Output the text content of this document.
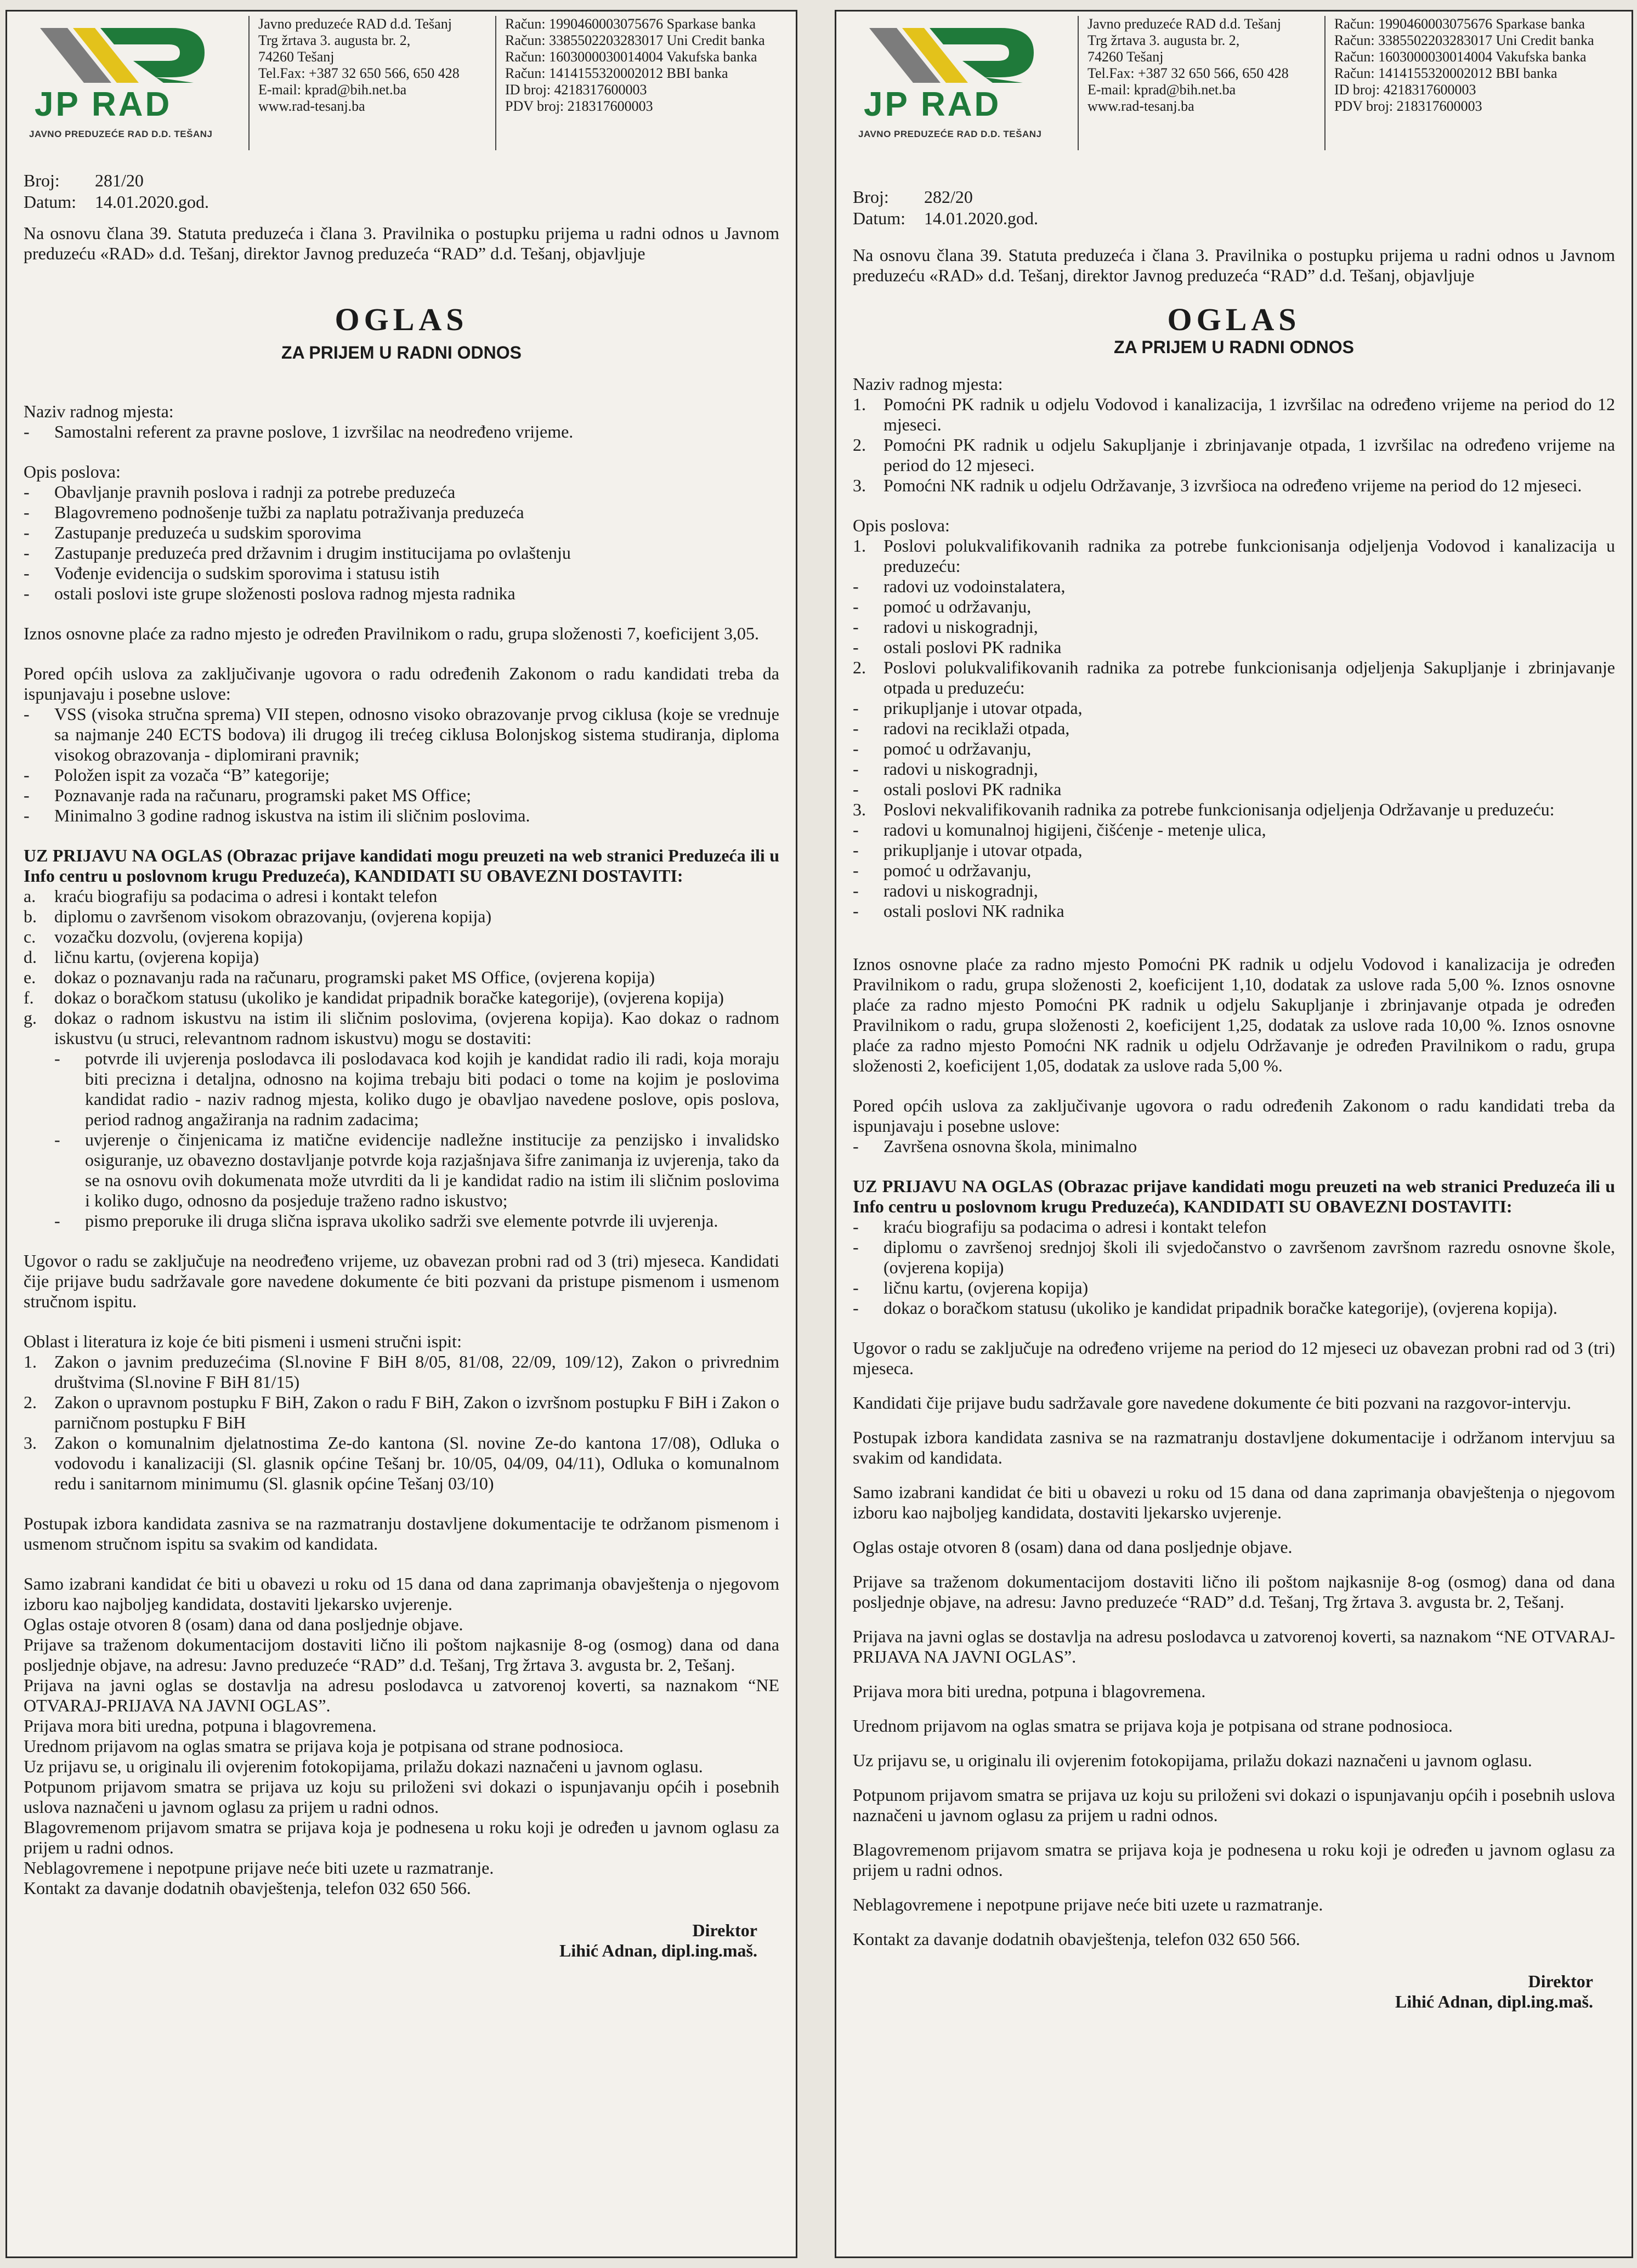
JP RAD
JAVNO PREDUZEĆE RAD D.D. TEŠANJ
Javno preduzeće RAD d.d. Tešanj
Trg žrtava 3. augusta br. 2,
74260 Tešanj
Tel.Fax: +387 32 650 566, 650 428
E-mail: kprad@bih.net.ba
www.rad-tesanj.ba
Račun: 1990460003075676 Sparkase banka
Račun: 3385502203283017 Uni Credit banka
Račun: 1603000030014004 Vakufska banka
Račun: 1414155320002012 BBI banka
ID broj: 4218317600003
PDV broj: 218317600003
Broj:	281/20
Datum:	14.01.2020.god.

Na osnovu člana 39. Statuta preduzeća i člana 3. Pravilnika o postupku prijema u radni odnos u Javnom preduzeću «RAD» d.d. Tešanj, direktor Javnog preduzeća “RAD” d.d. Tešanj, objavljuje

OGLAS
ZA PRIJEM U RADNI ODNOS

Naziv radnog mjesta:

- Samostalni referent za pravne poslove, 1 izvršilac na neodređeno vrijeme.

Opis poslova:

- Obavljanje pravnih poslova i radnji za potrebe preduzeća
- Blagovremeno podnošenje tužbi za naplatu potraživanja preduzeća
- Zastupanje preduzeća u sudskim sporovima
- Zastupanje preduzeća pred državnim i drugim institucijama po ovlaštenju
- Vođenje evidencija o sudskim sporovima i statusu istih
- ostali poslovi iste grupe složenosti poslova radnog mjesta radnika

Iznos osnovne plaće za radno mjesto je određen Pravilnikom o radu, grupa složenosti 7, koeficijent 3,05.

Pored općih uslova za zaključivanje ugovora o radu određenih Zakonom o radu kandidati treba da ispunjavaju i posebne uslove:

- VSS (visoka stručna sprema) VII stepen, odnosno visoko obrazovanje prvog ciklusa (koje se vrednuje sa najmanje 240 ECTS bodova) ili drugog ili trećeg ciklusa Bolonjskog sistema studiranja, diploma visokog obrazovanja - diplomirani pravnik;
- Položen ispit za vozača “B” kategorije;
- Poznavanje rada na računaru, programski paket MS Office;
- Minimalno 3 godine radnog iskustva na istim ili sličnim poslovima.

UZ PRIJAVU NA OGLAS (Obrazac prijave kandidati mogu preuzeti na web stranici Preduzeća ili u Info centru u poslovnom krugu Preduzeća), KANDIDATI SU OBAVEZNI DOSTAVITI:

a. kraću biografiju sa podacima o adresi i kontakt telefon
b. diplomu o završenom visokom obrazovanju, (ovjerena kopija)
c. vozačku dozvolu, (ovjerena kopija)
d. ličnu kartu, (ovjerena kopija)
e. dokaz o poznavanju rada na računaru, programski paket MS Office, (ovjerena kopija)
f. dokaz o boračkom statusu (ukoliko je kandidat pripadnik boračke kategorije), (ovjerena kopija)
g. dokaz o radnom iskustvu na istim ili sličnim poslovima, (ovjerena kopija). Kao dokaz o radnom iskustvu (u struci, relevantnom radnom iskustvu) mogu se dostaviti:
- potvrde ili uvjerenja poslodavca ili poslodavaca kod kojih je kandidat radio ili radi, koja moraju biti precizna i detaljna, odnosno na kojima trebaju biti podaci o tome na kojim je poslovima kandidat radio - naziv radnog mjesta, koliko dugo je obavljao navedene poslove, opis poslova, period radnog angažiranja na radnim zadacima;
- uvjerenje o činjenicama iz matične evidencije nadležne institucije za penzijsko i invalidsko osiguranje, uz obavezno dostavljanje potvrde koja razjašnjava šifre zanimanja iz uvjerenja, tako da se na osnovu ovih dokumenata može utvrditi da li je kandidat radio na istim ili sličnim poslovima i koliko dugo, odnosno da posjeduje traženo radno iskustvo;
- pismo preporuke ili druga slična isprava ukoliko sadrži sve elemente potvrde ili uvjerenja.

Ugovor o radu se zaključuje na neodređeno vrijeme, uz obavezan probni rad od 3 (tri) mjeseca. Kandidati čije prijave budu sadržavale gore navedene dokumente će biti pozvani da pristupe pismenom i usmenom stručnom ispitu.

Oblast i literatura iz koje će biti pismeni i usmeni stručni ispit:

1. Zakon o javnim preduzećima (Sl.novine F BiH 8/05, 81/08, 22/09, 109/12), Zakon o privrednim društvima (Sl.novine F BiH 81/15)
2. Zakon o upravnom postupku F BiH, Zakon o radu F BiH, Zakon o izvršnom postupku F BiH i Zakon o parničnom postupku F BiH
3. Zakon o komunalnim djelatnostima Ze-do kantona (Sl. novine Ze-do kantona 17/08), Odluka o vodovodu i kanalizaciji (Sl. glasnik općine Tešanj br. 10/05, 04/09, 04/11), Odluka o komunalnom redu i sanitarnom minimumu (Sl. glasnik općine Tešanj 03/10)

Postupak izbora kandidata zasniva se na razmatranju dostavljene dokumentacije te održanom pismenom i usmenom stručnom ispitu sa svakim od kandidata.

Samo izabrani kandidat će biti u obavezi u roku od 15 dana od dana zaprimanja obavještenja o njegovom izboru kao najboljeg kandidata, dostaviti ljekarsko uvjerenje.

Oglas ostaje otvoren 8 (osam) dana od dana posljednje objave.

Prijave sa traženom dokumentacijom dostaviti lično ili poštom najkasnije 8-og (osmog) dana od dana posljednje objave, na adresu: Javno preduzeće “RAD” d.d. Tešanj, Trg žrtava 3. avgusta br. 2, Tešanj.

Prijava na javni oglas se dostavlja na adresu poslodavca u zatvorenoj koverti, sa naznakom “NE OTVARAJ-PRIJAVA NA JAVNI OGLAS”.

Prijava mora biti uredna, potpuna i blagovremena.

Urednom prijavom na oglas smatra se prijava koja je potpisana od strane podnosioca.

Uz prijavu se, u originalu ili ovjerenim fotokopijama, prilažu dokazi naznačeni u javnom oglasu.

Potpunom prijavom smatra se prijava uz koju su priloženi svi dokazi o ispunjavanju općih i posebnih uslova naznačeni u javnom oglasu za prijem u radni odnos.

Blagovremenom prijavom smatra se prijava koja je podnesena u roku koji je određen u javnom oglasu za prijem u radni odnos.

Neblagovremene i nepotpune prijave neće biti uzete u razmatranje.

Kontakt za davanje dodatnih obavještenja, telefon 032 650 566.

Direktor
Lihić Adnan, dipl.ing.maš.
JP RAD
JAVNO PREDUZEĆE RAD D.D. TEŠANJ
Javno preduzeće RAD d.d. Tešanj
Trg žrtava 3. augusta br. 2,
74260 Tešanj
Tel.Fax: +387 32 650 566, 650 428
E-mail: kprad@bih.net.ba
www.rad-tesanj.ba
Račun: 1990460003075676 Sparkase banka
Račun: 3385502203283017 Uni Credit banka
Račun: 1603000030014004 Vakufska banka
Račun: 1414155320002012 BBI banka
ID broj: 4218317600003
PDV broj: 218317600003
Broj:	282/20
Datum:	14.01.2020.god.

Na osnovu člana 39. Statuta preduzeća i člana 3. Pravilnika o postupku prijema u radni odnos u Javnom preduzeću «RAD» d.d. Tešanj, direktor Javnog preduzeća “RAD” d.d. Tešanj, objavljuje

OGLAS
ZA PRIJEM U RADNI ODNOS

Naziv radnog mjesta:

1. Pomoćni PK radnik u odjelu Vodovod i kanalizacija, 1 izvršilac na određeno vrijeme na period do 12 mjeseci.
2. Pomoćni PK radnik u odjelu Sakupljanje i zbrinjavanje otpada, 1 izvršilac na određeno vrijeme na period do 12 mjeseci.
3. Pomoćni NK radnik u odjelu Održavanje, 3 izvršioca na određeno vrijeme na period do 12 mjeseci.

Opis poslova:

1. Poslovi polukvalifikovanih radnika za potrebe funkcionisanja odjeljenja Vodovod i kanalizacija u preduzeću:
- radovi uz vodoinstalatera,
- pomoć u održavanju,
- radovi u niskogradnji,
- ostali poslovi PK radnika
2. Poslovi polukvalifikovanih radnika za potrebe funkcionisanja odjeljenja Sakupljanje i zbrinjavanje otpada u preduzeću:
- prikupljanje i utovar otpada,
- radovi na reciklaži otpada,
- pomoć u održavanju,
- radovi u niskogradnji,
- ostali poslovi PK radnika
3. Poslovi nekvalifikovanih radnika za potrebe funkcionisanja odjeljenja Održavanje u preduzeću:
- radovi u komunalnoj higijeni, čišćenje - metenje ulica,
- prikupljanje i utovar otpada,
- pomoć u održavanju,
- radovi u niskogradnji,
- ostali poslovi NK radnika

Iznos osnovne plaće za radno mjesto Pomoćni PK radnik u odjelu Vodovod i kanalizacija je određen Pravilnikom o radu, grupa složenosti 2, koeficijent 1,10, dodatak za uslove rada 5,00 %. Iznos osnovne plaće za radno mjesto Pomoćni PK radnik u odjelu Sakupljanje i zbrinjavanje otpada je određen Pravilnikom o radu, grupa složenosti 2, koeficijent 1,25, dodatak za uslove rada 10,00 %. Iznos osnovne plaće za radno mjesto Pomoćni NK radnik u odjelu Održavanje je određen Pravilnikom o radu, grupa složenosti 2, koeficijent 1,05, dodatak za uslove rada 5,00 %.

Pored općih uslova za zaključivanje ugovora o radu određenih Zakonom o radu kandidati treba da ispunjavaju i posebne uslove:

- Završena osnovna škola, minimalno

UZ PRIJAVU NA OGLAS (Obrazac prijave kandidati mogu preuzeti na web stranici Preduzeća ili u Info centru u poslovnom krugu Preduzeća), KANDIDATI SU OBAVEZNI DOSTAVITI:

- kraću biografiju sa podacima o adresi i kontakt telefon
- diplomu o završenoj srednjoj školi ili svjedočanstvo o završenom završnom razredu osnovne škole, (ovjerena kopija)
- ličnu kartu, (ovjerena kopija)
- dokaz o boračkom statusu (ukoliko je kandidat pripadnik boračke kategorije), (ovjerena kopija).

Ugovor o radu se zaključuje na određeno vrijeme na period do 12 mjeseci uz obavezan probni rad od 3 (tri) mjeseca.

Kandidati čije prijave budu sadržavale gore navedene dokumente će biti pozvani na razgovor-intervju.

Postupak izbora kandidata zasniva se na razmatranju dostavljene dokumentacije i održanom intervjuu sa svakim od kandidata.

Samo izabrani kandidat će biti u obavezi u roku od 15 dana od dana zaprimanja obavještenja o njegovom izboru kao najboljeg kandidata, dostaviti ljekarsko uvjerenje.

Oglas ostaje otvoren 8 (osam) dana od dana posljednje objave.

Prijave sa traženom dokumentacijom dostaviti lično ili poštom najkasnije 8-og (osmog) dana od dana posljednje objave, na adresu: Javno preduzeće “RAD” d.d. Tešanj, Trg žrtava 3. avgusta br. 2, Tešanj.

Prijava na javni oglas se dostavlja na adresu poslodavca u zatvorenoj koverti, sa naznakom “NE OTVARAJ-PRIJAVA NA JAVNI OGLAS”.

Prijava mora biti uredna, potpuna i blagovremena.

Urednom prijavom na oglas smatra se prijava koja je potpisana od strane podnosioca.

Uz prijavu se, u originalu ili ovjerenim fotokopijama, prilažu dokazi naznačeni u javnom oglasu.

Potpunom prijavom smatra se prijava uz koju su priloženi svi dokazi o ispunjavanju općih i posebnih uslova naznačeni u javnom oglasu za prijem u radni odnos.

Blagovremenom prijavom smatra se prijava koja je podnesena u roku koji je određen u javnom oglasu za prijem u radni odnos.

Neblagovremene i nepotpune prijave neće biti uzete u razmatranje.

Kontakt za davanje dodatnih obavještenja, telefon 032 650 566.

Direktor
Lihić Adnan, dipl.ing.maš.
